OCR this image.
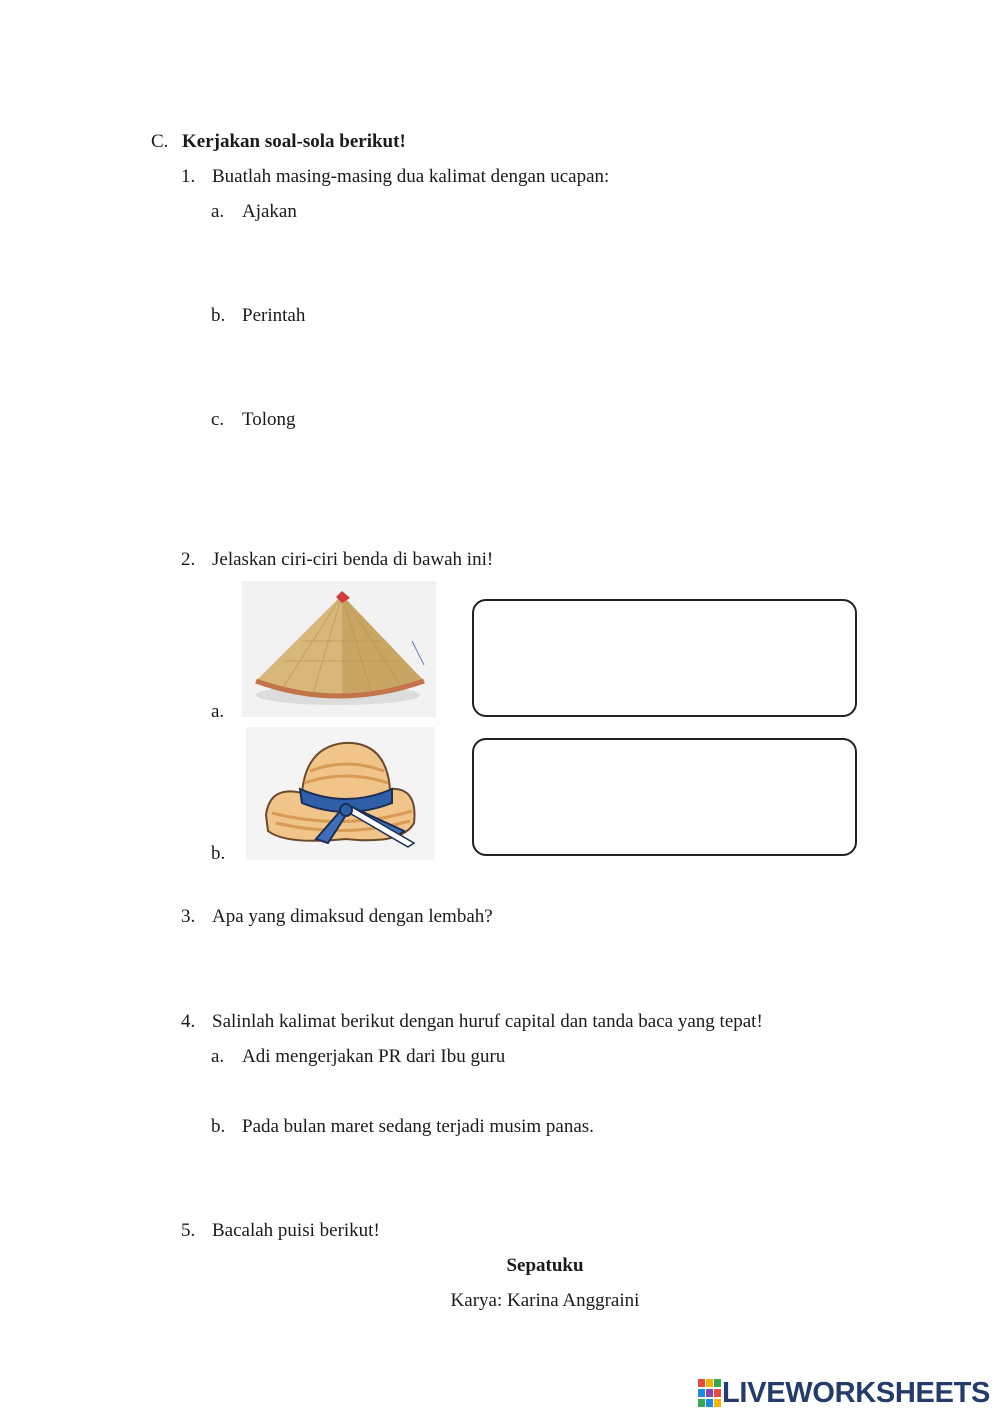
C. Kerjakan soal-sola berikut!
1. Buatlah masing-masing dua kalimat dengan ucapan:
a. Ajakan
b. Perintah
c. Tolong
2. Jelaskan ciri-ciri benda di bawah ini!
a.
b.
3. Apa yang dimaksud dengan lembah?
4. Salinlah kalimat berikut dengan huruf capital dan tanda baca yang tepat!
a. Adi mengerjakan PR dari Ibu guru
b. Pada bulan maret sedang terjadi musim panas.
5. Bacalah puisi berikut!
Sepatuku
Karya: Karina Anggraini
LIVEWORKSHEETS
